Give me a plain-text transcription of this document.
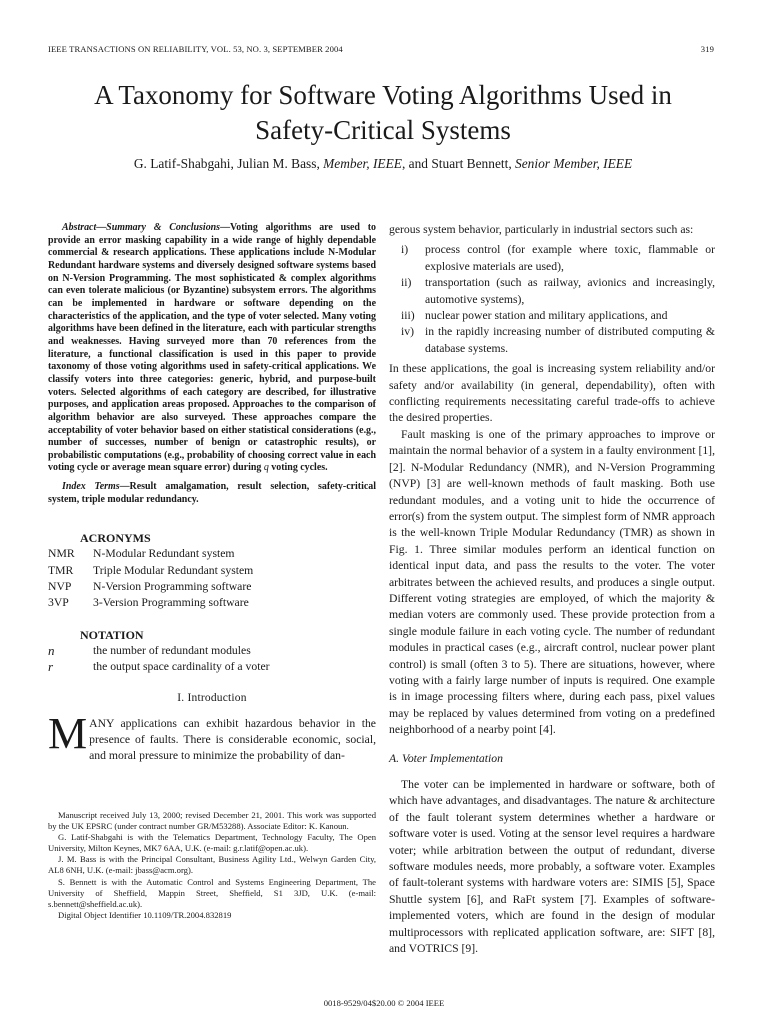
IEEE TRANSACTIONS ON RELIABILITY, VOL. 53, NO. 3, SEPTEMBER 2004	319
A Taxonomy for Software Voting Algorithms Used in
Safety-Critical Systems
G. Latif-Shabgahi, Julian M. Bass, Member, IEEE, and Stuart Bennett, Senior Member, IEEE

Abstract—Summary & Conclusions—Voting algorithms are used to provide an error masking capability in a wide range of highly dependable commercial & research applications. These applications include N-Modular Redundant hardware systems and diversely designed software systems based on N-Version Programming. The most sophisticated & complex algorithms can even tolerate malicious (or Byzantine) subsystem errors. The algorithms can be implemented in hardware or software depending on the characteristics of the application, and the type of voter selected. Many voting algorithms have been defined in the literature, each with particular strengths and weaknesses. Having surveyed more than 70 references from the literature, a functional classification is used in this paper to provide taxonomy of those voting algorithms used in safety-critical applications. We classify voters into three categories: generic, hybrid, and purpose-built voters. Selected algorithms of each category are described, for illustrative purposes, and application areas proposed. Approaches to the comparison of algorithm behavior are also surveyed. These approaches compare the acceptability of voter behavior based on either statistical considerations (e.g., number of successes, number of benign or catastrophic results), or probabilistic computations (e.g., probability of choosing correct value in each voting cycle or average mean square error) during q voting cycles.

Index Terms—Result amalgamation, result selection, safety-critical system, triple modular redundancy.

ACRONYMS

NMR N-Modular Redundant system
TMR Triple Modular Redundant system
NVP N-Version Programming software
3VP 3-Version Programming software

NOTATION

n	the number of redundant modules
r	the output space cardinality of a voter

I. Introduction

MANY applications can exhibit hazardous behavior in the presence of faults. There is considerable economic, social, and moral pressure to minimize the probability of dan-

Manuscript received July 13, 2000; revised December 21, 2001. This work was supported by the UK EPSRC (under contract number GR/M53288). Associate Editor: K. Kanoun.

G. Latif-Shabgahi is with the Telematics Department, Technology Faculty, The Open University, Milton Keynes, MK7 6AA, U.K. (e-mail: g.r.latif@open.ac.uk).

J. M. Bass is with the Principal Consultant, Business Agility Ltd., Welwyn Garden City, AL8 6NH, U.K. (e-mail: jbass@acm.org).

S. Bennett is with the Automatic Control and Systems Engineering Department, The University of Sheffield, Mappin Street, Sheffield, S1 3JD, U.K. (e-mail: s.bennett@sheffield.ac.uk).

Digital Object Identifier 10.1109/TR.2004.832819

gerous system behavior, particularly in industrial sectors such as:

i) process control (for example where toxic, flammable or explosive materials are used),
ii) transportation (such as railway, avionics and increasingly, automotive systems),
iii) nuclear power station and military applications, and
iv) in the rapidly increasing number of distributed computing & database systems.

In these applications, the goal is increasing system reliability and/or safety and/or availability (in general, dependability), often with conflicting requirements necessitating careful trade-offs to achieve the desired properties.

Fault masking is one of the primary approaches to improve or maintain the normal behavior of a system in a faulty environment [1], [2]. N-Modular Redundancy (NMR), and N-Version Programming (NVP) [3] are well-known methods of fault masking. Both use redundant modules, and a voting unit to hide the occurrence of error(s) from the system output. The simplest form of NMR approach is the well-known Triple Modular Redundancy (TMR) as shown in Fig. 1. Three similar modules perform an identical function on identical input data, and pass the results to the voter. The voter arbitrates between the achieved results, and produces a single output. Different voting strategies are employed, of which the majority & median voters are commonly used. These provide protection from a single module failure in each voting cycle. The number of redundant modules in practical cases (e.g., aircraft control, nuclear power plant control) is small (often 3 to 5). There are situations, however, where voting with a fairly large number of inputs is required. One example is in image processing filters where, during each pass, pixel values may be replaced by values determined from voting on a predefined neighborhood of a nearby point [4].

A. Voter Implementation

The voter can be implemented in hardware or software, both of which have advantages, and disadvantages. The nature & architecture of the fault tolerant system determines whether a hardware or software voter is used. Voting at the sensor level requires a hardware voter; while arbitration between the output of redundant, diverse software modules needs, more probably, a software voter. Examples of fault-tolerant systems with hardware voters are: SIMIS [5], Space Shuttle system [6], and RaFt system [7]. Examples of software-implemented voters, which are found in the design of modular multiprocessors with replicated application software, are: SIFT [8], and VOTRICS [9].

0018-9529/04$20.00 © 2004 IEEE
